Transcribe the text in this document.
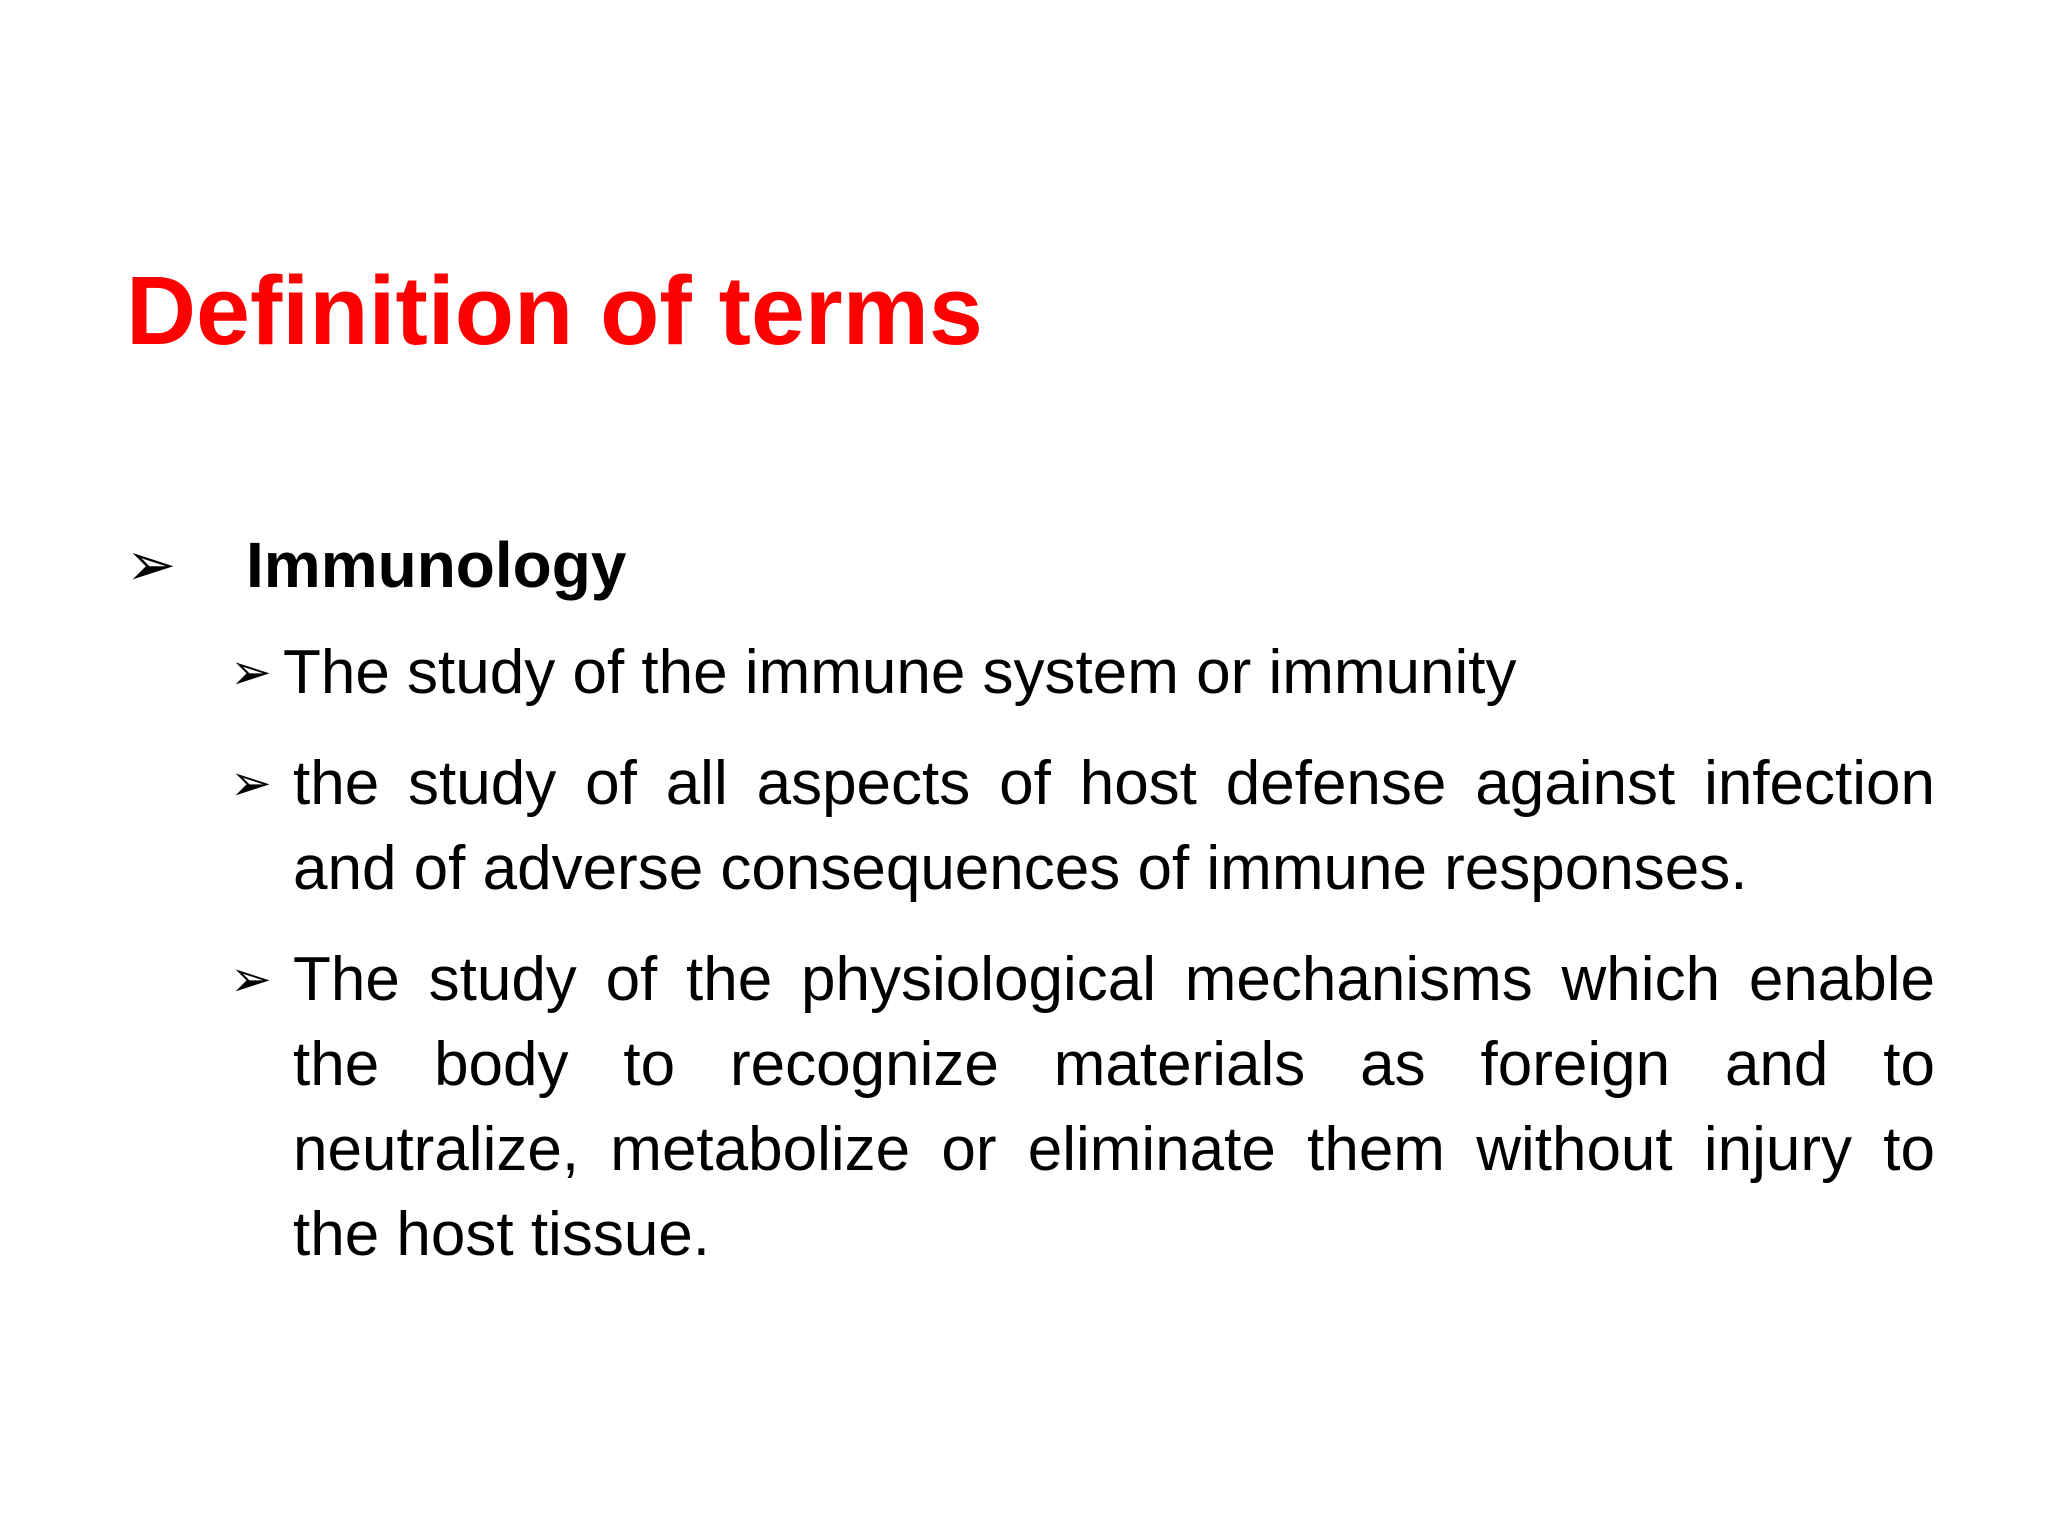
Definition of terms
➢	Immunology
➢ The study of the immune system or immunity
➢ the study of all aspects of host defense against infection and of adverse consequences of immune responses.
➢ The study of the physiological mechanisms which enable the body to recognize materials as foreign and to neutralize, metabolize or eliminate them without injury to the host tissue.
